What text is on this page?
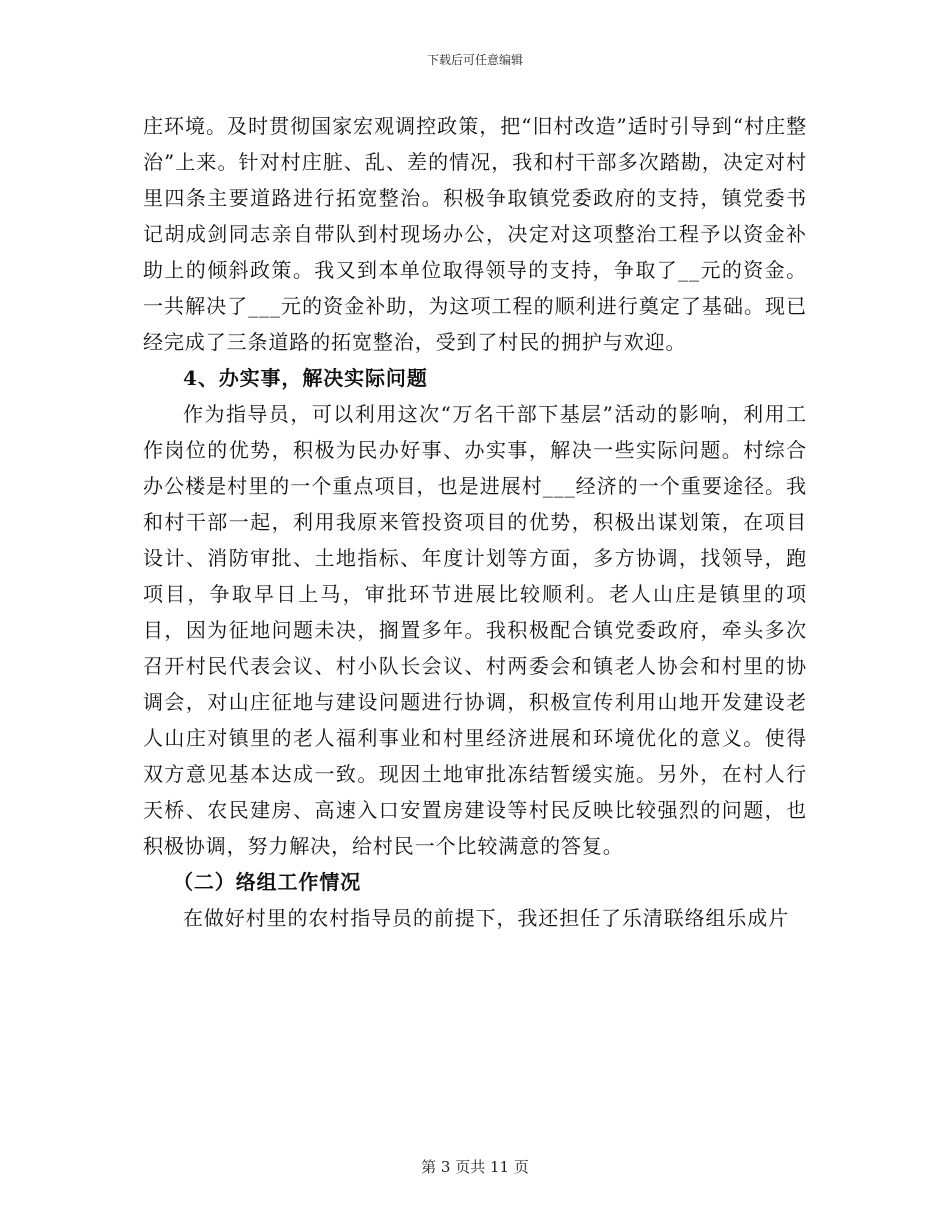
下载后可任意编辑

庄环境。及时贯彻国家宏观调控政策，把“旧村改造”适时引导到“村庄整治”上来。针对村庄脏、乱、差的情况，我和村干部多次踏勘，决定对村里四条主要道路进行拓宽整治。积极争取镇党委政府的支持，镇党委书记胡成剑同志亲自带队到村现场办公，决定对这项整治工程予以资金补助上的倾斜政策。我又到本单位取得领导的支持，争取了__元的资金。一共解决了___元的资金补助，为这项工程的顺利进行奠定了基础。现已经完成了三条道路的拓宽整治，受到了村民的拥护与欢迎。

4、办实事，解决实际问题

作为指导员，可以利用这次“万名干部下基层”活动的影响，利用工作岗位的优势，积极为民办好事、办实事，解决一些实际问题。村综合办公楼是村里的一个重点项目，也是进展村___经济的一个重要途径。我和村干部一起，利用我原来管投资项目的优势，积极出谋划策，在项目设计、消防审批、土地指标、年度计划等方面，多方协调，找领导，跑项目，争取早日上马，审批环节进展比较顺利。老人山庄是镇里的项目，因为征地问题未决，搁置多年。我积极配合镇党委政府，牵头多次召开村民代表会议、村小队长会议、村两委会和镇老人协会和村里的协调会，对山庄征地与建设问题进行协调，积极宣传利用山地开发建设老人山庄对镇里的老人福利事业和村里经济进展和环境优化的意义。使得双方意见基本达成一致。现因土地审批冻结暂缓实施。另外，在村人行天桥、农民建房、高速入口安置房建设等村民反映比较强烈的问题，也积极协调，努力解决，给村民一个比较满意的答复。

（二）络组工作情况

在做好村里的农村指导员的前提下，我还担任了乐清联络组乐成片

第 3 页共 11 页
